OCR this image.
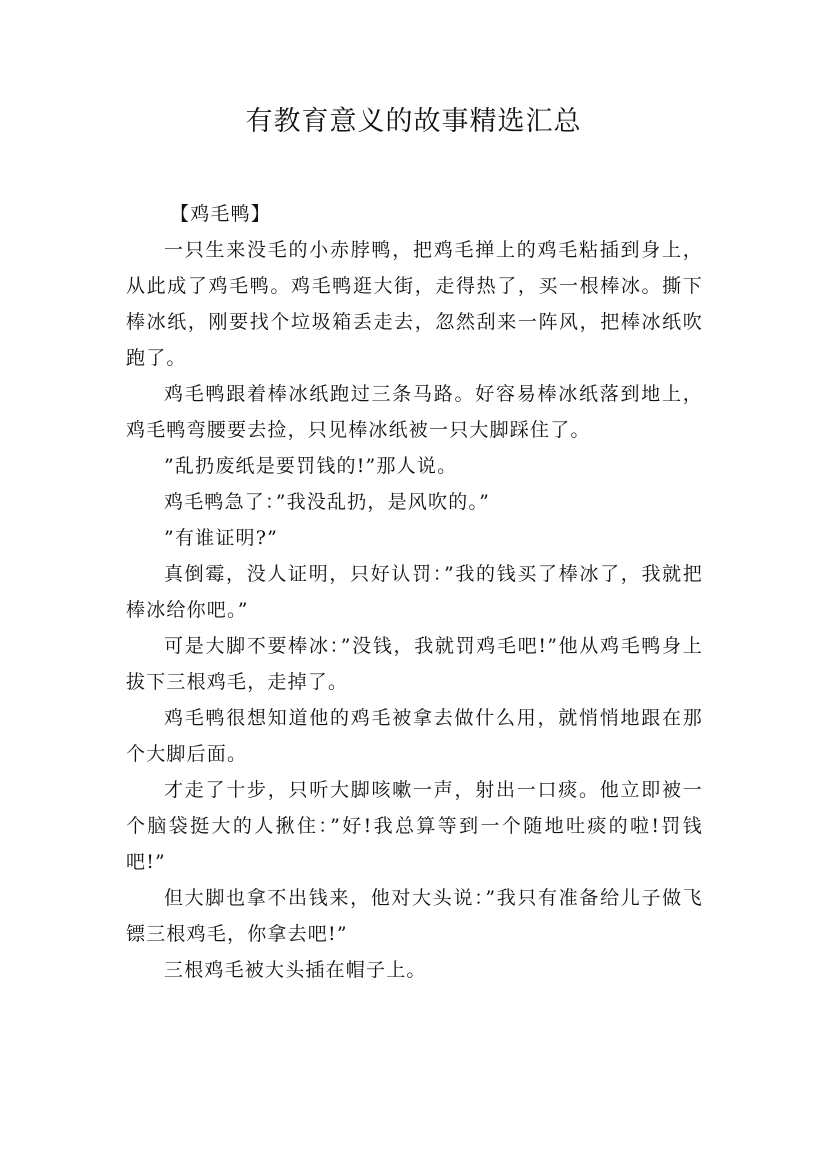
有教育意义的故事精选汇总

【鸡毛鸭】

一只生来没毛的小赤脖鸭，把鸡毛掸上的鸡毛粘插到身上，从此成了鸡毛鸭。鸡毛鸭逛大街，走得热了，买一根棒冰。撕下棒冰纸，刚要找个垃圾箱丢走去，忽然刮来一阵风，把棒冰纸吹跑了。

鸡毛鸭跟着棒冰纸跑过三条马路。好容易棒冰纸落到地上，鸡毛鸭弯腰要去捡，只见棒冰纸被一只大脚踩住了。

”乱扔废纸是要罚钱的!”那人说。

鸡毛鸭急了：”我没乱扔，是风吹的。”

”有谁证明?”

真倒霉，没人证明，只好认罚：”我的钱买了棒冰了，我就把棒冰给你吧。”

可是大脚不要棒冰：”没钱，我就罚鸡毛吧!”他从鸡毛鸭身上拔下三根鸡毛，走掉了。

鸡毛鸭很想知道他的鸡毛被拿去做什么用，就悄悄地跟在那个大脚后面。

才走了十步，只听大脚咳嗽一声，射出一口痰。他立即被一个脑袋挺大的人揪住：”好!我总算等到一个随地吐痰的啦!罚钱吧!”

但大脚也拿不出钱来，他对大头说：”我只有准备给儿子做飞镖三根鸡毛，你拿去吧!”

三根鸡毛被大头插在帽子上。
